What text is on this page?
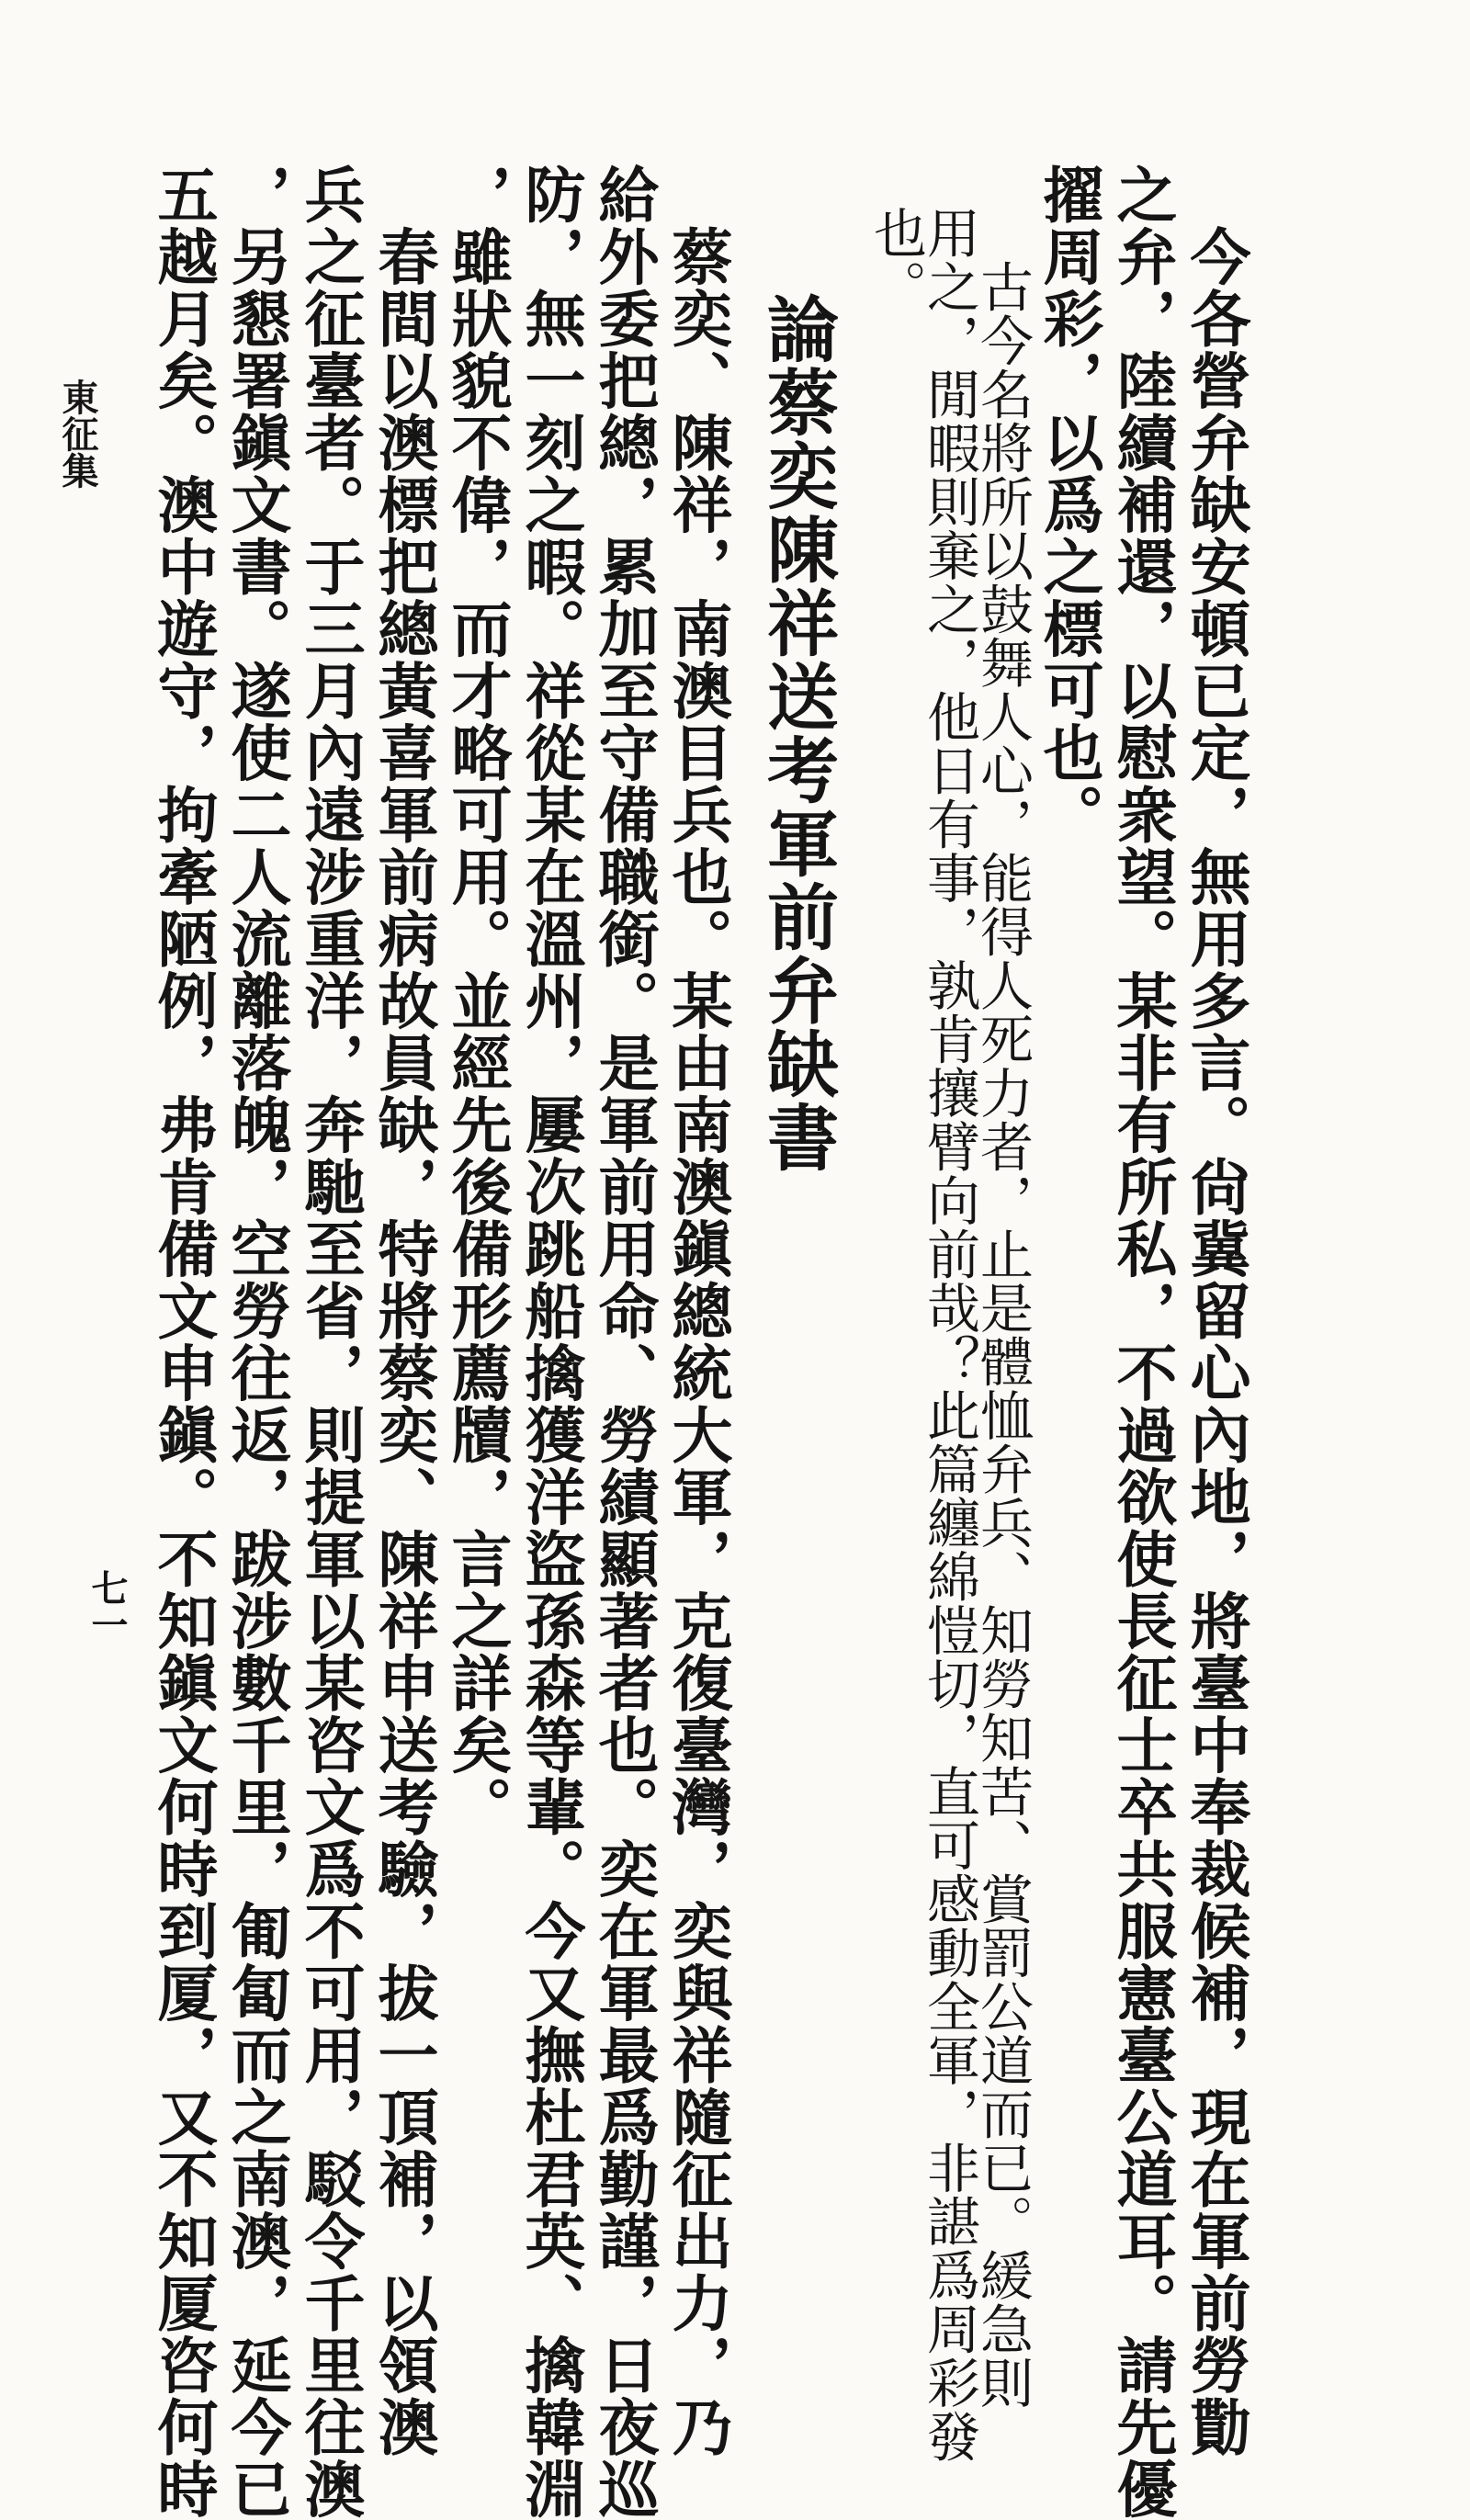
　今各營弁缺安頓已定，無用多言。尙冀留心內地，將臺中奉裁候補，現在軍前勞勩
之弁，陸續補還，以慰衆望。某非有所私，不過欲使長征士卒共服憲臺公道耳。請先優
擢周彩，以爲之標可也。
　古今名將所以鼓舞人心，能得人死力者，止是體恤弁兵、知勞知苦、賞罰公道而已。緩急則
用之，閒暇則棄之，他日有事，孰肯攘臂向前哉？此篇纏綿愷切，直可感動全軍，非諶爲周彩發
也。
論蔡奕陳祥送考軍前弁缺書
　蔡奕、陳祥，南澳目兵也。某由南澳鎭總統大軍，克復臺灣，奕與祥隨征出力，乃
給外委把總，累加至守備職銜。是軍前用命、勞績顯著者也。奕在軍最爲勤謹，日夜巡
防，無一刻之暇。祥從某在溫州，屢次跳船擒獲洋盜孫森等輩。今又撫杜君英、擒韓淵
，雖狀貌不偉，而才略可用。並經先後備形薦牘，言之詳矣。
　春間以澳標把總黃喜軍前病故員缺，特將蔡奕、陳祥申送考驗，拔一頂補，以領澳
兵之征臺者。于三月內遠涉重洋，奔馳至省，則提軍以某咨文爲不可用，駁令千里往澳
，另懇署鎭文書。遂使二人流離落魄，空勞往返，跋涉數千里，匍匐而之南澳，延今已
五越月矣。澳中遊守，拘牽陋例，弗肯備文申鎭。不知鎭文何時到厦，又不知厦咨何時
東征集
七一
